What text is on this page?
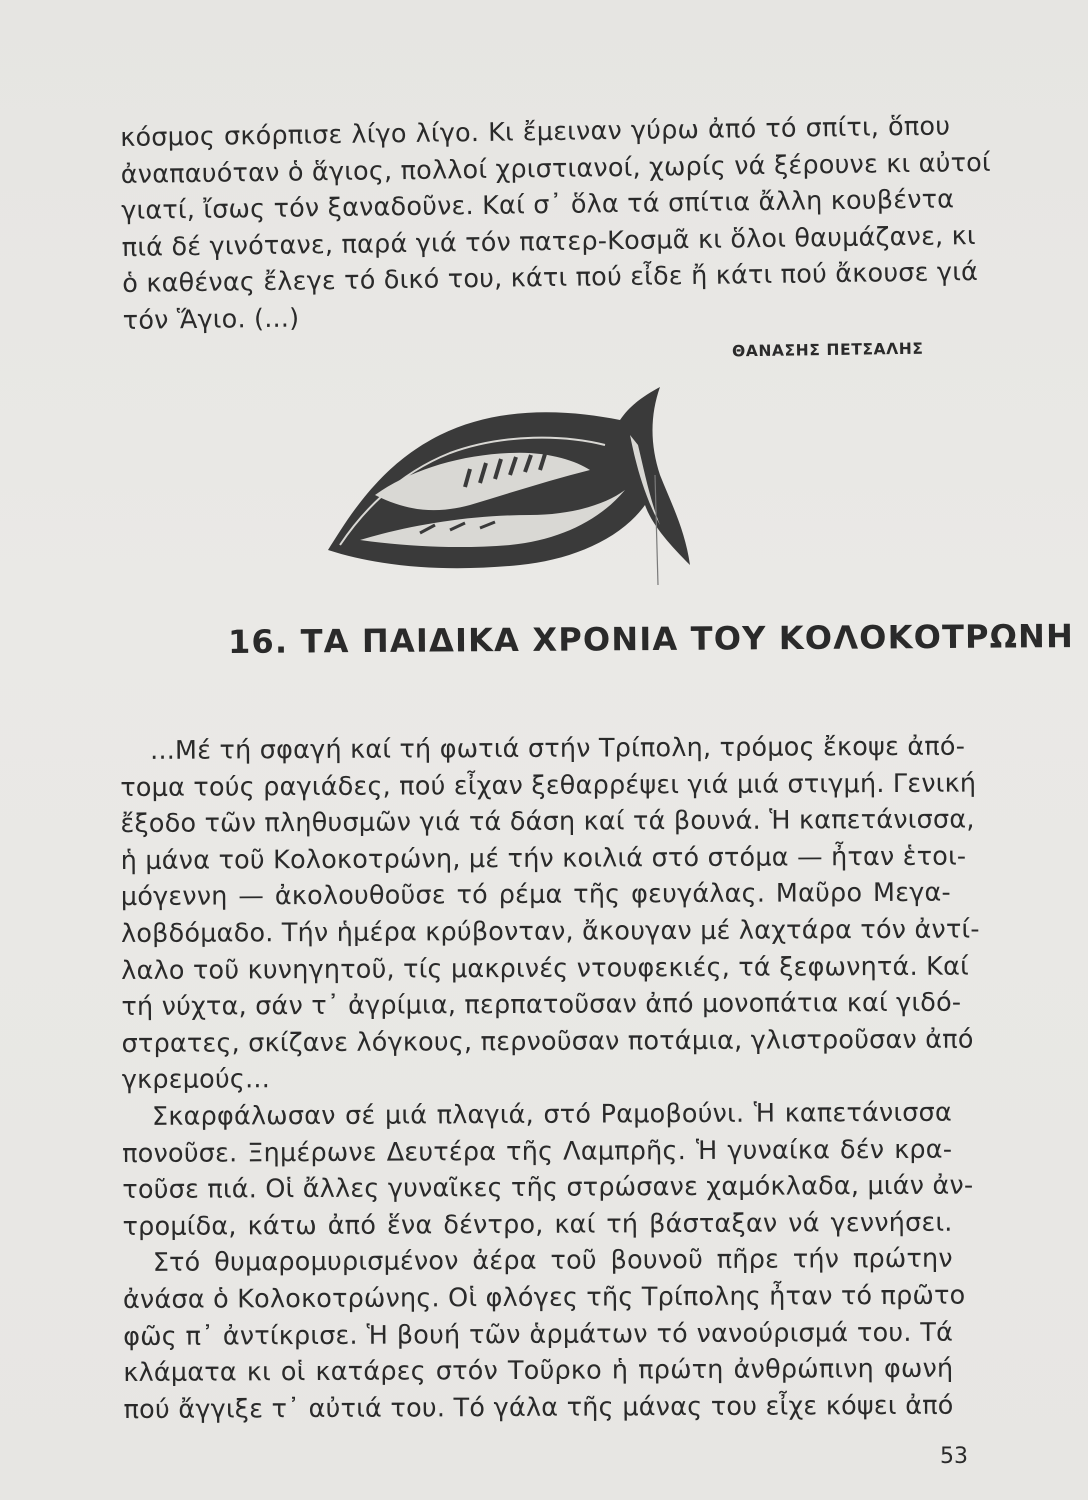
κόσμος σκόρπισε λίγο λίγο. Κι ἔμειναν γύρω ἀπό τό σπίτι, ὅπου
ἀναπαυόταν ὁ ἅγιος, πολλοί χριστιανοί, χωρίς νά ξέρουνε κι αὐτοί
γιατί, ἴσως τόν ξαναδοῦνε. Καί σ᾿ ὅλα τά σπίτια ἄλλη κουβέντα
πιά δέ γινότανε, παρά γιά τόν πατερ-Κοσμᾶ κι ὅλοι θαυμάζανε, κι
ὁ καθένας ἔλεγε τό δικό του, κάτι πού εἶδε ἤ κάτι πού ἄκουσε γιά
τόν Ἅγιο. (...)
ΘΑΝΑΣΗΣ ΠΕΤΣΑΛΗΣ
16. ΤΑ ΠΑΙΔΙΚΑ ΧΡΟΝΙΑ ΤΟΥ ΚΟΛΟΚΟΤΡΩΝΗ
...Μέ τή σφαγή καί τή φωτιά στήν Τρίπολη, τρόμος ἔκοψε ἀπό-
τομα τούς ραγιάδες, πού εἶχαν ξεθαρρέψει γιά μιά στιγμή. Γενική
ἔξοδο τῶν πληθυσμῶν γιά τά δάση καί τά βουνά. Ἡ καπετάνισσα,
ἡ μάνα τοῦ Κολοκοτρώνη, μέ τήν κοιλιά στό στόμα — ἦταν ἑτοι-
μόγεννη — ἀκολουθοῦσε τό ρέμα τῆς φευγάλας. Μαῦρο Μεγα-
λοβδόμαδο. Τήν ἡμέρα κρύβονταν, ἄκουγαν μέ λαχτάρα τόν ἀντί-
λαλο τοῦ κυνηγητοῦ, τίς μακρινές ντουφεκιές, τά ξεφωνητά. Καί
τή νύχτα, σάν τ᾿ ἀγρίμια, περπατοῦσαν ἀπό μονοπάτια καί γιδό-
στρατες, σκίζανε λόγκους, περνοῦσαν ποτάμια, γλιστροῦσαν ἀπό
γκρεμούς...
Σκαρφάλωσαν σέ μιά πλαγιά, στό Ραμοβούνι. Ἡ καπετάνισσα
πονοῦσε. Ξημέρωνε Δευτέρα τῆς Λαμπρῆς. Ἡ γυναίκα δέν κρα-
τοῦσε πιά. Οἱ ἄλλες γυναῖκες τῆς στρώσανε χαμόκλαδα, μιάν ἀν-
τρομίδα, κάτω ἀπό ἕνα δέντρο, καί τή βάσταξαν νά γεννήσει.
Στό θυμαρομυρισμένον ἀέρα τοῦ βουνοῦ πῆρε τήν πρώτην
ἀνάσα ὁ Κολοκοτρώνης. Οἱ φλόγες τῆς Τρίπολης ἦταν τό πρῶτο
φῶς π᾿ ἀντίκρισε. Ἡ βουή τῶν ἁρμάτων τό νανούρισμά του. Τά
κλάματα κι οἱ κατάρες στόν Τοῦρκο ἡ πρώτη ἀνθρώπινη φωνή
πού ἄγγιξε τ᾿ αὐτιά του. Τό γάλα τῆς μάνας του εἶχε κόψει ἀπό
53
